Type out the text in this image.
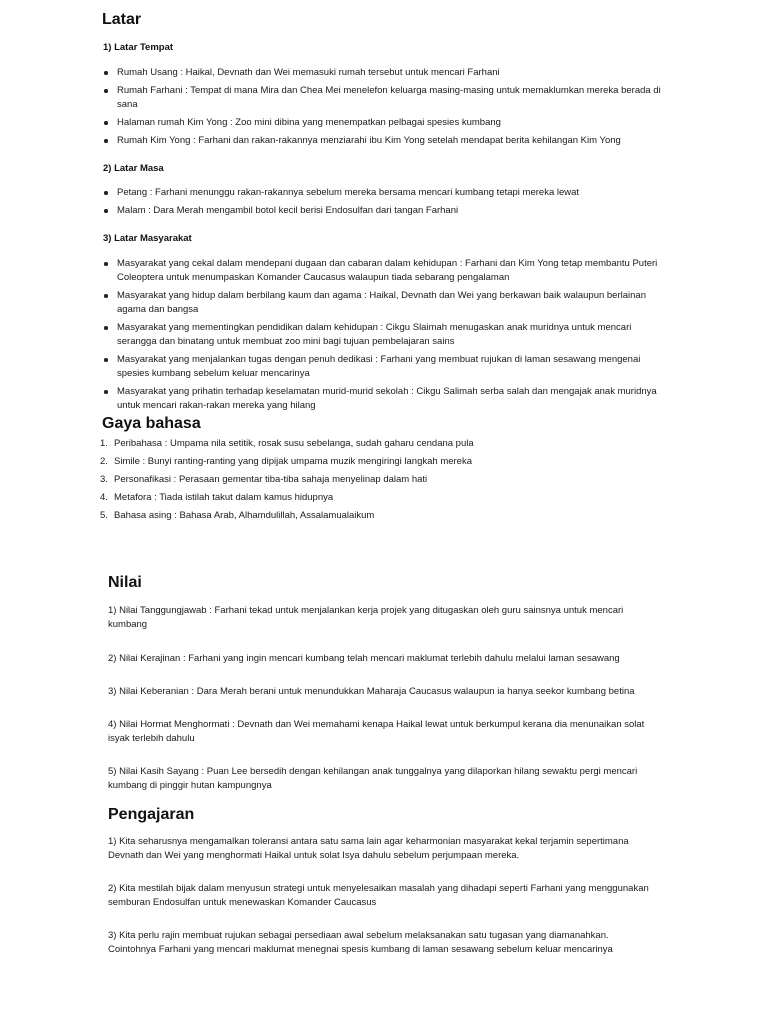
Latar
1) Latar Tempat
Rumah Usang : Haikal, Devnath dan Wei memasuki rumah tersebut untuk mencari Farhani
Rumah Farhani : Tempat di mana Mira dan Chea Mei menelefon keluarga masing-masing untuk memaklumkan mereka berada di sana
Halaman rumah Kim Yong : Zoo mini dibina yang menempatkan pelbagai spesies kumbang
Rumah Kim Yong : Farhani dan rakan-rakannya menziarahi ibu Kim Yong setelah mendapat berita kehilangan Kim Yong
2) Latar Masa
Petang : Farhani menunggu rakan-rakannya sebelum mereka bersama mencari kumbang tetapi mereka lewat
Malam : Dara Merah mengambil botol kecil berisi Endosulfan dari tangan Farhani
3) Latar Masyarakat
Masyarakat yang cekal dalam mendepani dugaan dan cabaran dalam kehidupan : Farhani dan Kim Yong tetap membantu Puteri Coleoptera untuk menumpaskan Komander Caucasus walaupun tiada sebarang pengalaman
Masyarakat yang hidup dalam berbilang kaum dan agama : Haikal, Devnath dan Wei yang berkawan baik walaupun berlainan agama dan bangsa
Masyarakat yang mementingkan pendidikan dalam kehidupan : Cikgu Slaimah menugaskan anak muridnya untuk mencari serangga dan binatang untuk membuat zoo mini bagi tujuan pembelajaran sains
Masyarakat yang menjalankan tugas dengan penuh dedikasi : Farhani yang membuat rujukan di laman sesawang mengenai spesies kumbang sebelum keluar mencarinya
Masyarakat yang prihatin terhadap keselamatan murid-murid sekolah : Cikgu Salimah serba salah dan mengajak anak muridnya untuk mencari rakan-rakan mereka yang hilang
Gaya bahasa
1. Peribahasa : Umpama nila setitik, rosak susu sebelanga, sudah gaharu cendana pula
2. Simile : Bunyi ranting-ranting yang dipijak umpama muzik mengiringi langkah mereka
3. Personafikasi : Perasaan gementar tiba-tiba sahaja menyelinap dalam hati
4. Metafora : Tiada istilah takut dalam kamus hidupnya
5. Bahasa asing : Bahasa Arab, Alhamdulillah, Assalamualaikum
Nilai

1) Nilai Tanggungjawab : Farhani tekad untuk menjalankan kerja projek yang ditugaskan oleh guru sainsnya untuk mencari kumbang

2) Nilai Kerajinan : Farhani yang ingin mencari kumbang telah mencari maklumat terlebih dahulu melalui laman sesawang

3) Nilai Keberanian : Dara Merah berani untuk menundukkan Maharaja Caucasus walaupun ia hanya seekor kumbang betina

4) Nilai Hormat Menghormati : Devnath dan Wei memahami kenapa Haikal lewat untuk berkumpul kerana dia menunaikan solat isyak terlebih dahulu

5) Nilai Kasih Sayang : Puan Lee bersedih dengan kehilangan anak tunggalnya yang dilaporkan hilang sewaktu pergi mencari kumbang di pinggir hutan kampungnya

Pengajaran

1) Kita seharusnya mengamalkan toleransi antara satu sama lain agar keharmonian masyarakat kekal terjamin sepertimana Devnath dan Wei yang menghormati Haikal untuk solat Isya dahulu sebelum perjumpaan mereka.

2) Kita mestilah bijak dalam menyusun strategi untuk menyelesaikan masalah yang dihadapi seperti Farhani yang menggunakan semburan Endosulfan untuk menewaskan Komander Caucasus

3) Kita perlu rajin membuat rujukan sebagai persediaan awal sebelum melaksanakan satu tugasan yang diamanahkan. Cointohnya Farhani yang mencari maklumat menegnai spesis kumbang di laman sesawang sebelum keluar mencarinya
